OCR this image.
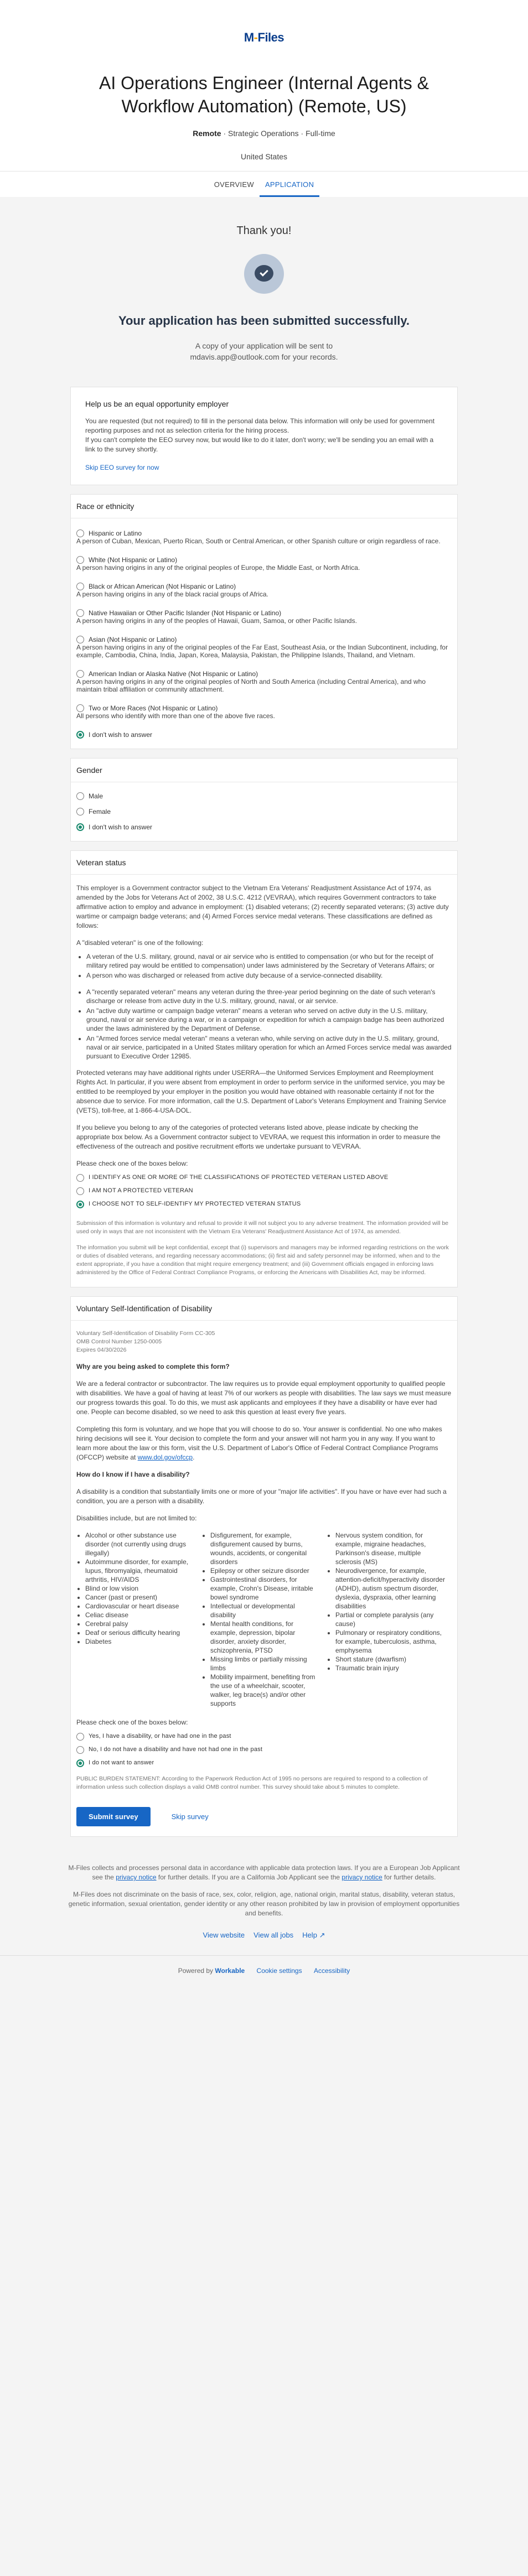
M-Files
AI Operations Engineer (Internal Agents & Workflow Automation) (Remote, US)
Remote · Strategic Operations · Full-time
United States
OVERVIEW	APPLICATION
Thank you!
Your application has been submitted successfully.

A copy of your application will be sent to mdavis.app@outlook.com for your records.

Help us be an equal opportunity employer

You are requested (but not required) to fill in the personal data below. This information will only be used for government reporting purposes and not as selection criteria for the hiring process.

If you can't complete the EEO survey now, but would like to do it later, don't worry; we'll be sending you an email with a link to the survey shortly.

Skip EEO survey for now
Race or ethnicity
Hispanic or Latino
A person of Cuban, Mexican, Puerto Rican, South or Central American, or other Spanish culture or origin regardless of race.
White (Not Hispanic or Latino)
A person having origins in any of the original peoples of Europe, the Middle East, or North Africa.
Black or African American (Not Hispanic or Latino)
A person having origins in any of the black racial groups of Africa.
Native Hawaiian or Other Pacific Islander (Not Hispanic or Latino)
A person having origins in any of the peoples of Hawaii, Guam, Samoa, or other Pacific Islands.
Asian (Not Hispanic or Latino)
A person having origins in any of the original peoples of the Far East, Southeast Asia, or the Indian Subcontinent, including, for example, Cambodia, China, India, Japan, Korea, Malaysia, Pakistan, the Philippine Islands, Thailand, and Vietnam.
American Indian or Alaska Native (Not Hispanic or Latino)
A person having origins in any of the original peoples of North and South America (including Central America), and who maintain tribal affiliation or community attachment.
Two or More Races (Not Hispanic or Latino)
All persons who identify with more than one of the above five races.
I don't wish to answer
Gender
Male
Female
I don't wish to answer
Veteran status

This employer is a Government contractor subject to the Vietnam Era Veterans' Readjustment Assistance Act of 1974, as amended by the Jobs for Veterans Act of 2002, 38 U.S.C. 4212 (VEVRAA), which requires Government contractors to take affirmative action to employ and advance in employment: (1) disabled veterans; (2) recently separated veterans; (3) active duty wartime or campaign badge veterans; and (4) Armed Forces service medal veterans. These classifications are defined as follows:

A "disabled veteran" is one of the following:

• A veteran of the U.S. military, ground, naval or air service who is entitled to compensation (or who but for the receipt of military retired pay would be entitled to compensation) under laws administered by the Secretary of Veterans Affairs; or
• A person who was discharged or released from active duty because of a service-connected disability.
• A "recently separated veteran" means any veteran during the three-year period beginning on the date of such veteran's discharge or release from active duty in the U.S. military, ground, naval, or air service.
• An "active duty wartime or campaign badge veteran" means a veteran who served on active duty in the U.S. military, ground, naval or air service during a war, or in a campaign or expedition for which a campaign badge has been authorized under the laws administered by the Department of Defense.
• An "Armed forces service medal veteran" means a veteran who, while serving on active duty in the U.S. military, ground, naval or air service, participated in a United States military operation for which an Armed Forces service medal was awarded pursuant to Executive Order 12985.

Protected veterans may have additional rights under USERRA—the Uniformed Services Employment and Reemployment Rights Act. In particular, if you were absent from employment in order to perform service in the uniformed service, you may be entitled to be reemployed by your employer in the position you would have obtained with reasonable certainty if not for the absence due to service. For more information, call the U.S. Department of Labor's Veterans Employment and Training Service (VETS), toll-free, at 1-866-4-USA-DOL.

If you believe you belong to any of the categories of protected veterans listed above, please indicate by checking the appropriate box below. As a Government contractor subject to VEVRAA, we request this information in order to measure the effectiveness of the outreach and positive recruitment efforts we undertake pursuant to VEVRAA.

Please check one of the boxes below:

I IDENTIFY AS ONE OR MORE OF THE CLASSIFICATIONS OF PROTECTED VETERAN LISTED ABOVE
I AM NOT A PROTECTED VETERAN
I CHOOSE NOT TO SELF-IDENTIFY MY PROTECTED VETERAN STATUS

Submission of this information is voluntary and refusal to provide it will not subject you to any adverse treatment. The information provided will be used only in ways that are not inconsistent with the Vietnam Era Veterans' Readjustment Assistance Act of 1974, as amended.

The information you submit will be kept confidential, except that (i) supervisors and managers may be informed regarding restrictions on the work or duties of disabled veterans, and regarding necessary accommodations; (ii) first aid and safety personnel may be informed, when and to the extent appropriate, if you have a condition that might require emergency treatment; and (iii) Government officials engaged in enforcing laws administered by the Office of Federal Contract Compliance Programs, or enforcing the Americans with Disabilities Act, may be informed.

Voluntary Self-Identification of Disability

Voluntary Self-Identification of Disability Form CC-305

OMB Control Number 1250-0005

Expires 04/30/2026

Why are you being asked to complete this form?

We are a federal contractor or subcontractor. The law requires us to provide equal employment opportunity to qualified people with disabilities. We have a goal of having at least 7% of our workers as people with disabilities. The law says we must measure our progress towards this goal. To do this, we must ask applicants and employees if they have a disability or have ever had one. People can become disabled, so we need to ask this question at least every five years.

Completing this form is voluntary, and we hope that you will choose to do so. Your answer is confidential. No one who makes hiring decisions will see it. Your decision to complete the form and your answer will not harm you in any way. If you want to learn more about the law or this form, visit the U.S. Department of Labor's Office of Federal Contract Compliance Programs (OFCCP) website at www.dol.gov/ofccp.

How do I know if I have a disability?

A disability is a condition that substantially limits one or more of your "major life activities". If you have or have ever had such a condition, you are a person with a disability.

Disabilities include, but are not limited to:

• Alcohol or other substance use disorder (not currently using drugs illegally)
• Autoimmune disorder, for example, lupus, fibromyalgia, rheumatoid arthritis, HIV/AIDS
• Blind or low vision
• Cancer (past or present)
• Cardiovascular or heart disease
• Celiac disease
• Cerebral palsy
• Deaf or serious difficulty hearing
• Diabetes
• Disfigurement, for example, disfigurement caused by burns, wounds, accidents, or congenital disorders
• Epilepsy or other seizure disorder
• Gastrointestinal disorders, for example, Crohn's Disease, irritable bowel syndrome
• Intellectual or developmental disability
• Mental health conditions, for example, depression, bipolar disorder, anxiety disorder, schizophrenia, PTSD
• Missing limbs or partially missing limbs
• Mobility impairment, benefiting from the use of a wheelchair, scooter, walker, leg brace(s) and/or other supports
• Nervous system condition, for example, migraine headaches, Parkinson's disease, multiple sclerosis (MS)
• Neurodivergence, for example, attention-deficit/hyperactivity disorder (ADHD), autism spectrum disorder, dyslexia, dyspraxia, other learning disabilities
• Partial or complete paralysis (any cause)
• Pulmonary or respiratory conditions, for example, tuberculosis, asthma, emphysema
• Short stature (dwarfism)
• Traumatic brain injury

Please check one of the boxes below:

Yes, I have a disability, or have had one in the past
No, I do not have a disability and have not had one in the past
I do not want to answer

PUBLIC BURDEN STATEMENT: According to the Paperwork Reduction Act of 1995 no persons are required to respond to a collection of information unless such collection displays a valid OMB control number. This survey should take about 5 minutes to complete.

Submit survey	Skip survey

M-Files collects and processes personal data in accordance with applicable data protection laws. If you are a European Job Applicant see the privacy notice for further details. If you are a California Job Applicant see the privacy notice for further details.

M-Files does not discriminate on the basis of race, sex, color, religion, age, national origin, marital status, disability, veteran status, genetic information, sexual orientation, gender identity or any other reason prohibited by law in provision of employment opportunities and benefits.

View website View all jobs Help ↗
Powered by Workable Cookie settings Accessibility
